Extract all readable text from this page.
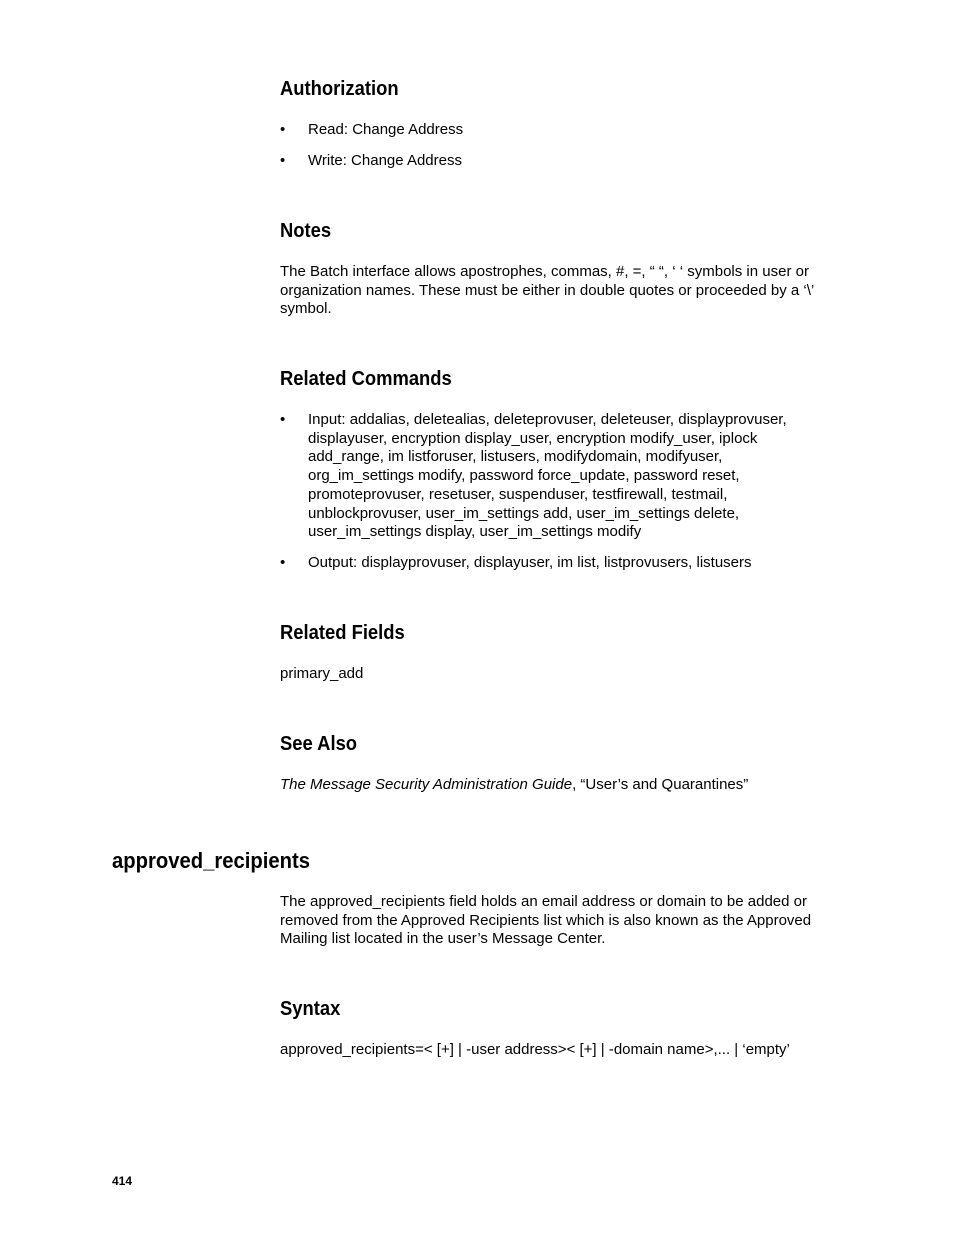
Authorization
• Read: Change Address
• Write: Change Address
Notes

The Batch interface allows apostrophes, commas, #, =, “ “, ‘ ‘ symbols in user or organization names. These must be either in double quotes or proceeded by a ‘\’ symbol.

Related Commands
• Input: addalias, deletealias, deleteprovuser, deleteuser, displayprovuser, displayuser, encryption display_user, encryption modify_user, iplock add_range, im listforuser, listusers, modifydomain, modifyuser, org_im_settings modify, password force_update, password reset, promoteprovuser, resetuser, suspenduser, testfirewall, testmail, unblockprovuser, user_im_settings add, user_im_settings delete, user_im_settings display, user_im_settings modify
• Output: displayprovuser, displayuser, im list, listprovusers, listusers
Related Fields

primary_add

See Also

The Message Security Administration Guide, “User’s and Quarantines”

approved_recipients

The approved_recipients field holds an email address or domain to be added or removed from the Approved Recipients list which is also known as the Approved Mailing list located in the user’s Message Center.

Syntax

approved_recipients=< [+] | -user address>< [+] | -domain name>,... | ‘empty’

414
